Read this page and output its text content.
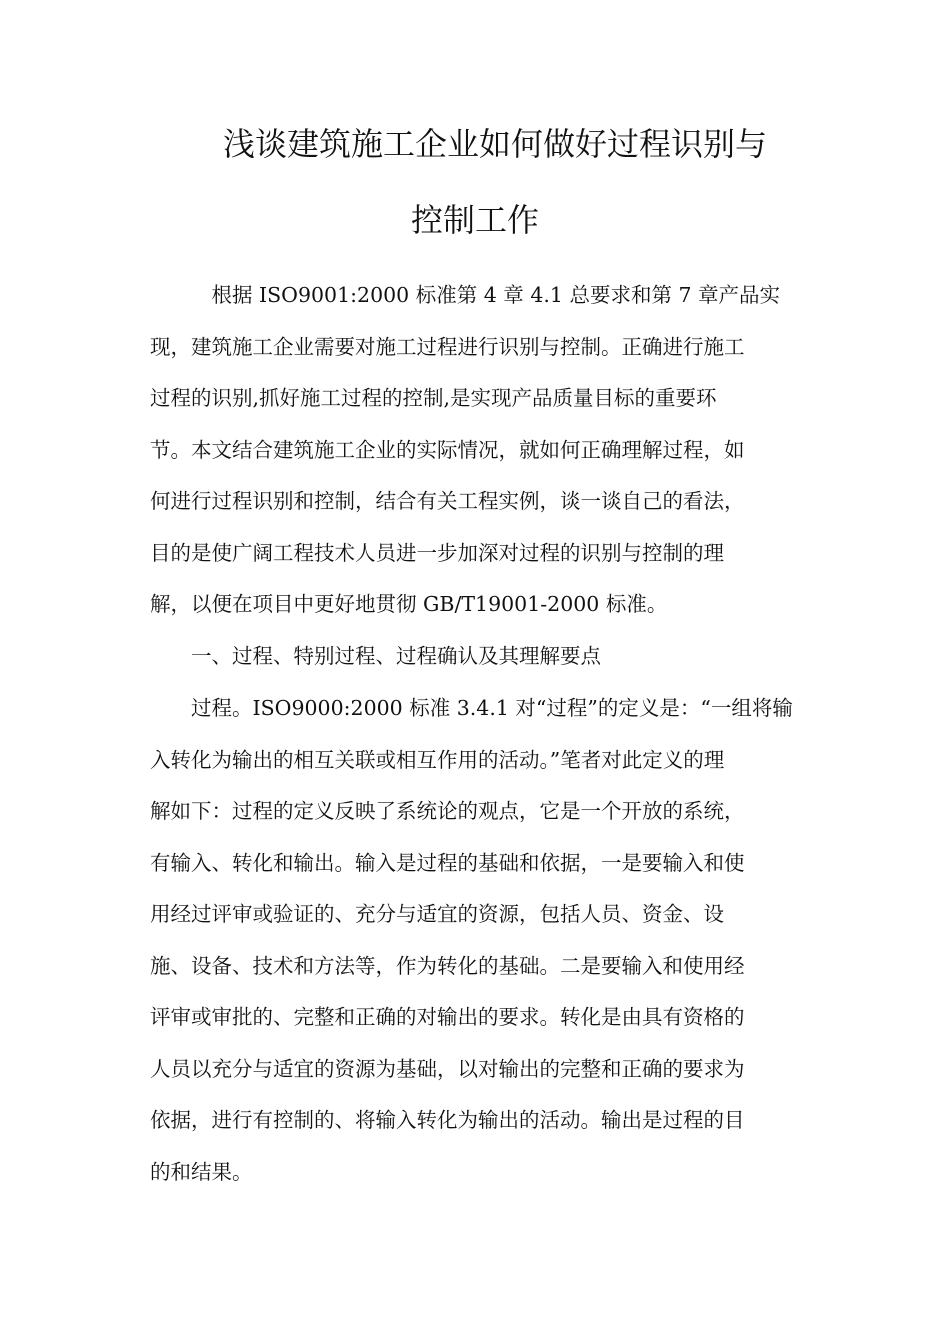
浅谈建筑施工企业如何做好过程识别与
控制工作
　　　根据 ISO9001:2000 标准第 4 章 4.1 总要求和第 7 章产品实
现，建筑施工企业需要对施工过程进行识别与控制。正确进行施工
过程的识别,抓好施工过程的控制,是实现产品质量目标的重要环
节。本文结合建筑施工企业的实际情况，就如何正确理解过程，如
何进行过程识别和控制，结合有关工程实例，谈一谈自己的看法，
目的是使广阔工程技术人员进一步加深对过程的识别与控制的理
解，以便在项目中更好地贯彻 GB/T19001-2000 标准。
　　一、过程、特别过程、过程确认及其理解要点
　　过程。ISO9000:2000 标准 3.4.1 对“过程”的定义是：“一组将输
入转化为输出的相互关联或相互作用的活动。”笔者对此定义的理
解如下：过程的定义反映了系统论的观点，它是一个开放的系统，
有输入、转化和输出。输入是过程的基础和依据，一是要输入和使
用经过评审或验证的、充分与适宜的资源，包括人员、资金、设
施、设备、技术和方法等，作为转化的基础。二是要输入和使用经
评审或审批的、完整和正确的对输出的要求。转化是由具有资格的
人员以充分与适宜的资源为基础，以对输出的完整和正确的要求为
依据，进行有控制的、将输入转化为输出的活动。输出是过程的目
的和结果。
